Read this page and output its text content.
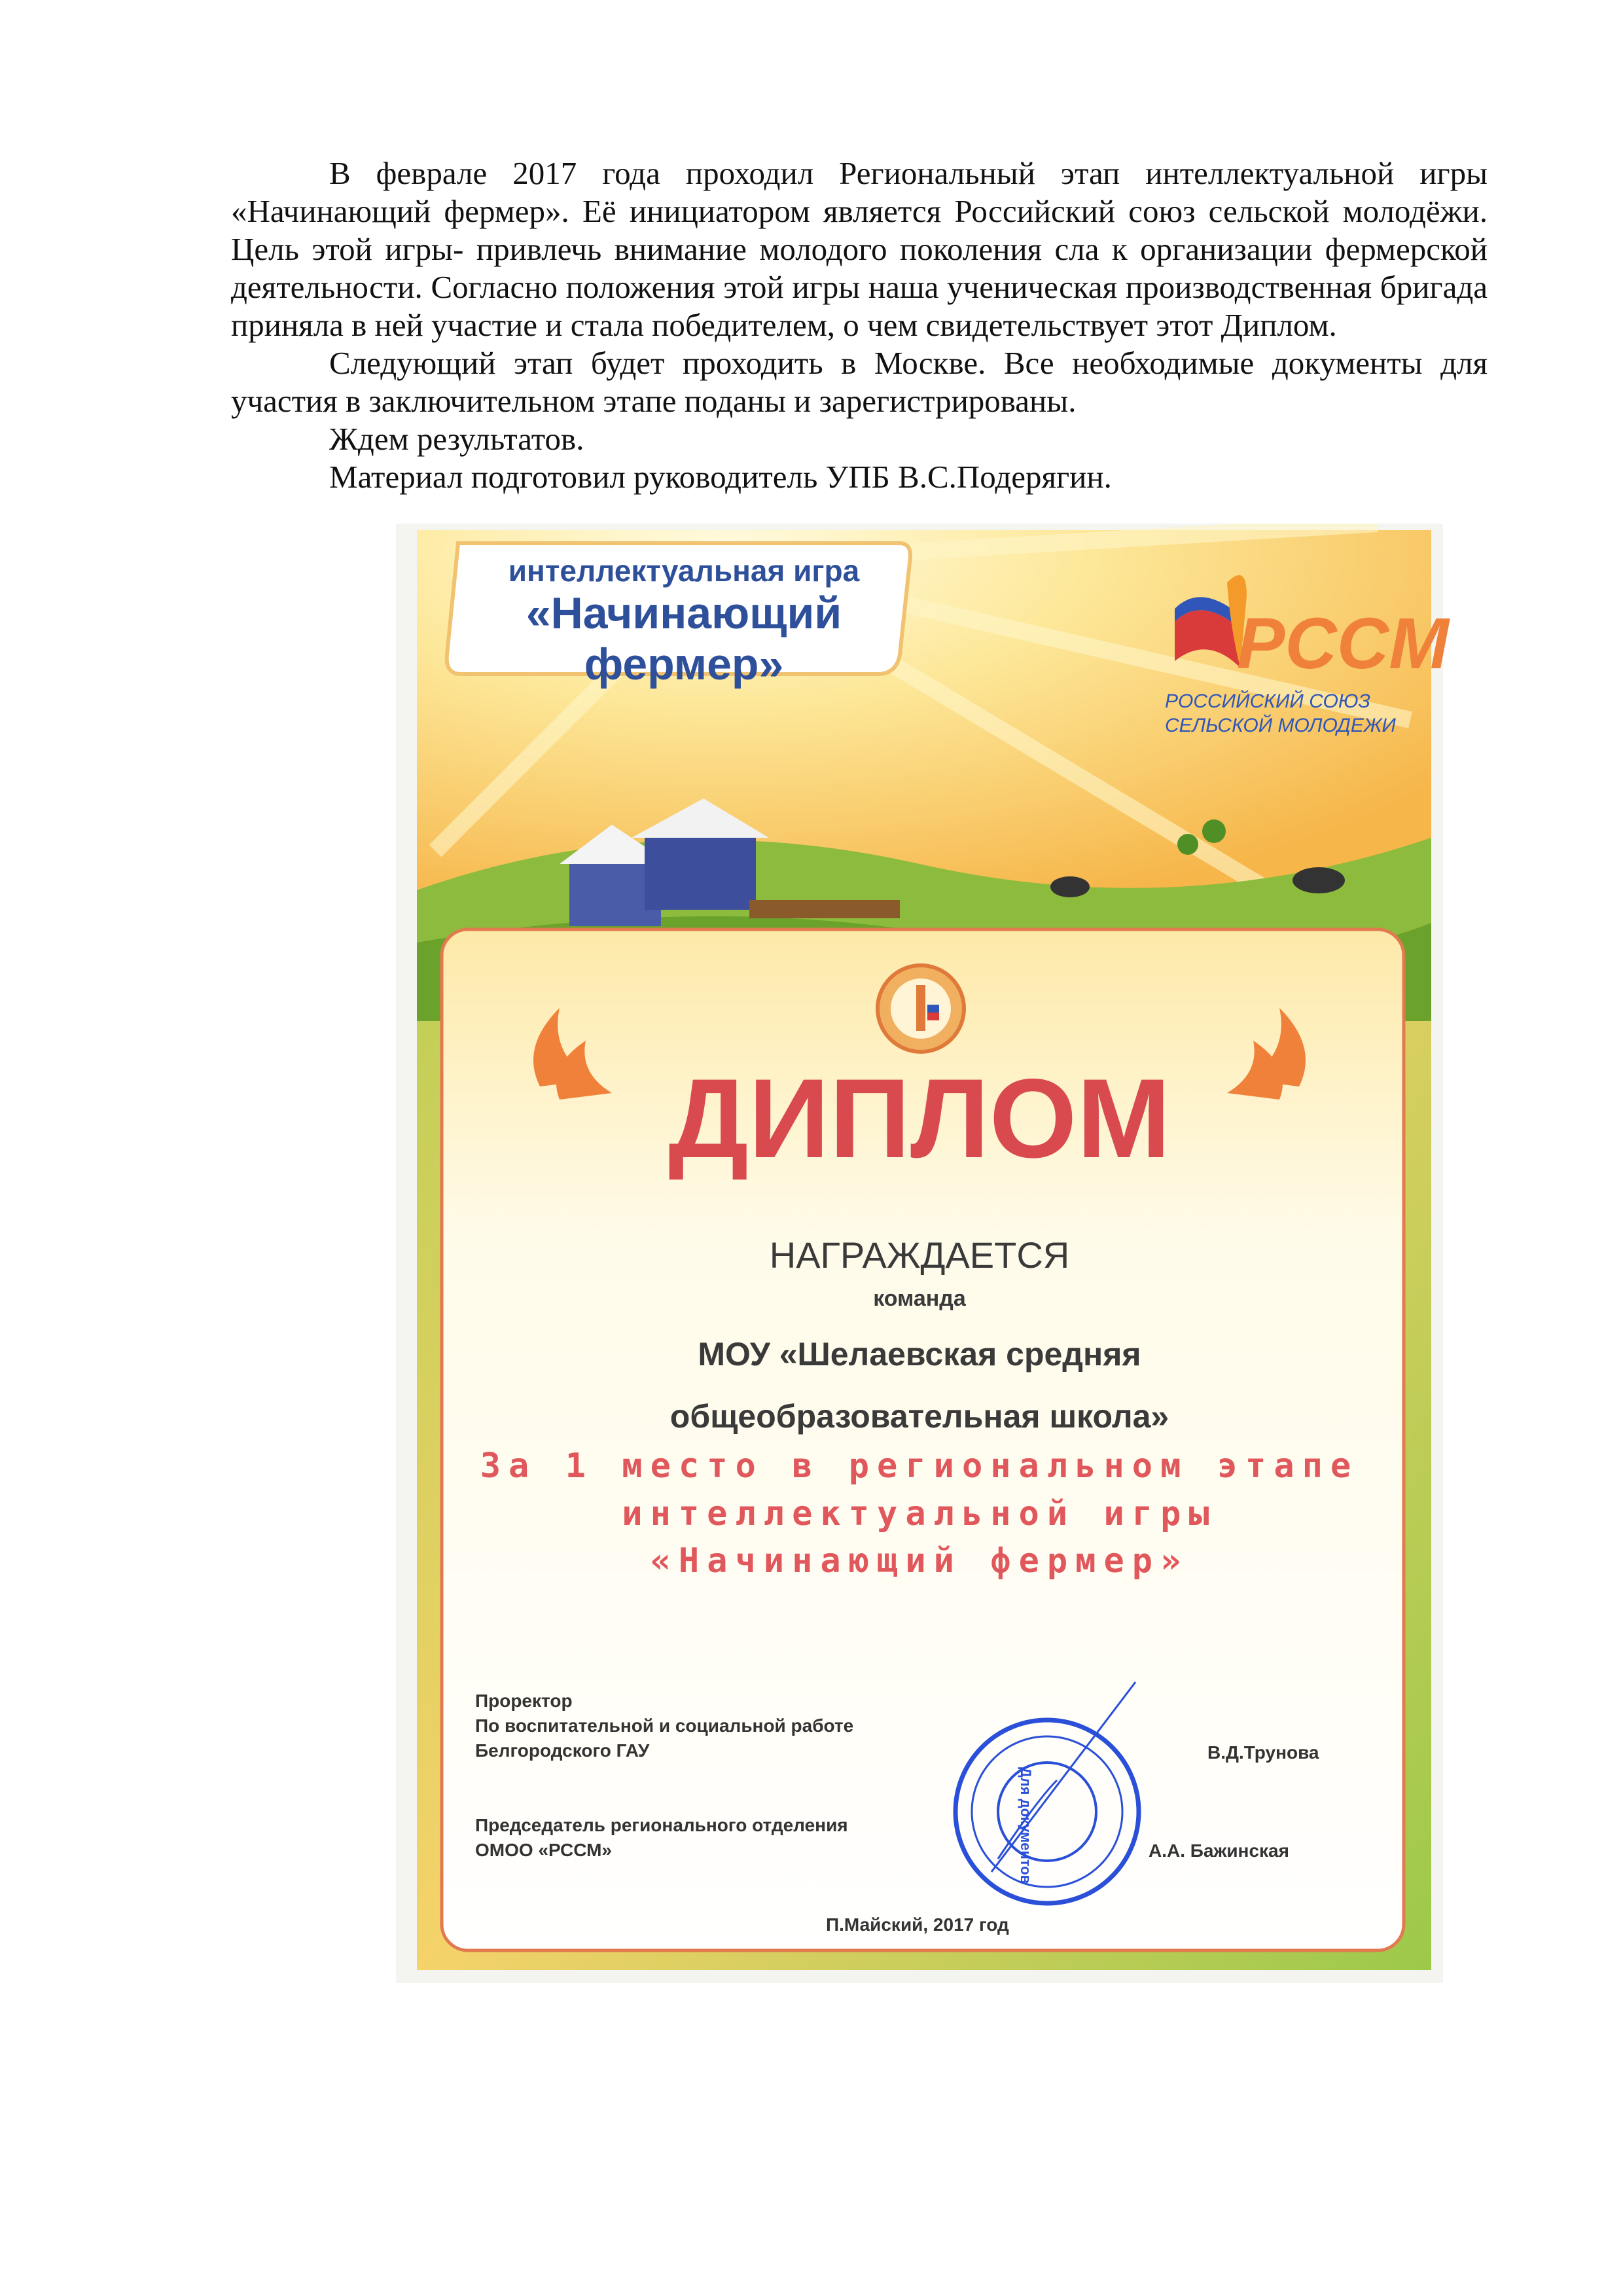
В феврале 2017 года проходил Региональный этап интеллектуальной игры «Начинающий фермер». Её инициатором является Российский союз сельской молодёжи. Цель этой игры- привлечь внимание молодого поколения сла к организации фермерской деятельности. Согласно положения этой игры наша ученическая производственная бригада приняла в ней участие и стала победителем, о чем свидетельствует этот Диплом.

Следующий этап будет проходить в Москве. Все необходимые документы для участия в заключительном этапе поданы и зарегистрированы.

Ждем результатов.

Материал подготовил руководитель УПБ В.С.Подерягин.

интеллектуальная игра
«Начинающий фермер»	РССМ
РОССИЙСКИЙ СОЮЗ
СЕЛЬСКОЙ МОЛОДЕЖИ
ДИПЛОМ
НАГРАЖДАЕТСЯ
команда
МОУ «Шелаевская средняя
общеобразовательная школа»
За 1 место в региональном этапе
интеллектуальной игры
«Начинающий фермер»
Проректор
По воспитательной и социальной работе
Белгородского ГАУ	В.Д.Трунова
Председатель регионального отделения
ОМОО «РССМ»	А.А. Бажинская
Для документов
П.Майский, 2017 год
